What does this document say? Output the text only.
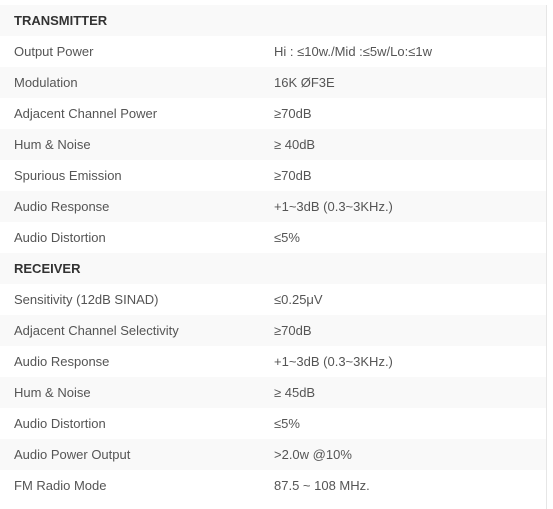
TRANSMITTER
Output Power	Hi : ≤10w./Mid :≤5w/Lo:≤1w
Modulation	16K ØF3E
Adjacent Channel Power	≥70dB
Hum & Noise	≥ 40dB
Spurious Emission	≥70dB
Audio Response	+1~3dB (0.3~3KHz.)
Audio Distortion	≤5%
RECEIVER
Sensitivity (12dB SINAD)	≤0.25μV
Adjacent Channel Selectivity	≥70dB
Audio Response	+1~3dB (0.3~3KHz.)
Hum & Noise	≥ 45dB
Audio Distortion	≤5%
Audio Power Output	>2.0w @10%
FM Radio Mode	87.5 ~ 108 MHz.
